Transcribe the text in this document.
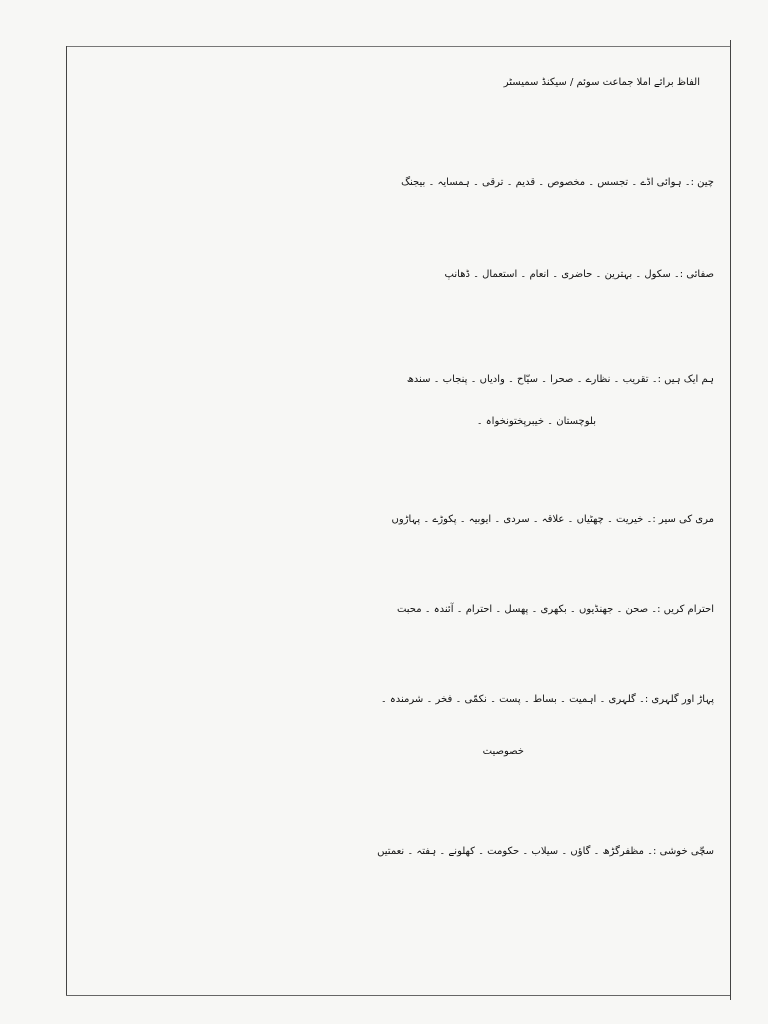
الفاظ برائے املا جماعت سوئم / سیکنڈ سمیسٹر
چین :۔ ہوائی اڈے ۔ تجسس ۔ مخصوص ۔ قدیم ۔ ترقی ۔ ہمسایہ ۔ بیجنگ
صفائی :۔ سکول ۔ بہترین ۔ حاضری ۔ انعام ۔ استعمال ۔ ڈھانپ
ہم ایک ہیں :۔ تقریب ۔ نظارے ۔ صحرا ۔ سیّاح ۔ وادیاں ۔ پنجاب ۔ سندھ
بلوچستان ۔ خیبرپختونخواہ ۔
مری کی سیر :۔ خیریت ۔ چھٹیاں ۔ علاقہ ۔ سردی ۔ ایوبیہ ۔ پکوڑے ۔ پہاڑوں
احترام کریں :۔ صحن ۔ جھنڈیوں ۔ بکھری ۔ پھسل ۔ احترام ۔ آئندہ ۔ محبت
پہاڑ اور گلہری :۔ گلہری ۔ اہمیت ۔ بساط ۔ پست ۔ نکمّی ۔ فخر ۔ شرمندہ ۔
خصوصیت
سچّی خوشی :۔ مظفرگڑھ ۔ گاؤں ۔ سیلاب ۔ حکومت ۔ کھلونے ۔ ہفتہ ۔ نعمتیں
